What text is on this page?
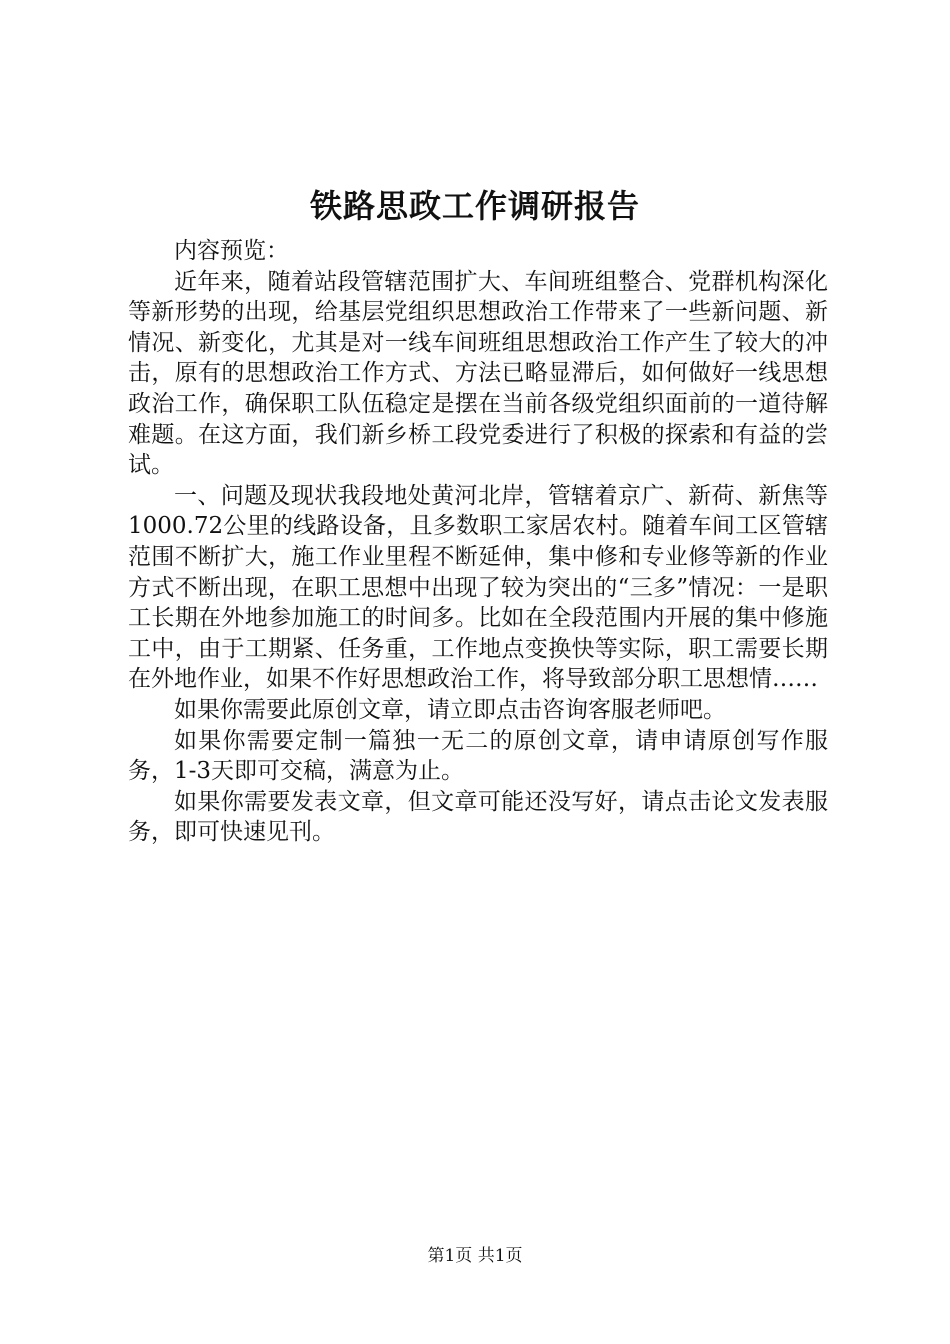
铁路思政工作调研报告

内容预览：

近年来，随着站段管辖范围扩大、车间班组整合、党群机构深化等新形势的出现，给基层党组织思想政治工作带来了一些新问题、新情况、新变化，尤其是对一线车间班组思想政治工作产生了较大的冲击，原有的思想政治工作方式、方法已略显滞后，如何做好一线思想政治工作，确保职工队伍稳定是摆在当前各级党组织面前的一道待解难题。在这方面，我们新乡桥工段党委进行了积极的探索和有益的尝试。

一、问题及现状我段地处黄河北岸，管辖着京广、新荷、新焦等1000.72公里的线路设备，且多数职工家居农村。随着车间工区管辖范围不断扩大，施工作业里程不断延伸，集中修和专业修等新的作业方式不断出现，在职工思想中出现了较为突出的“三多”情况：一是职工长期在外地参加施工的时间多。比如在全段范围内开展的集中修施工中，由于工期紧、任务重，工作地点变换快等实际，职工需要长期在外地作业，如果不作好思想政治工作，将导致部分职工思想情……

如果你需要此原创文章，请立即点击咨询客服老师吧。

如果你需要定制一篇独一无二的原创文章，请申请原创写作服务，1-3天即可交稿，满意为止。

如果你需要发表文章，但文章可能还没写好，请点击论文发表服务，即可快速见刊。

第1页 共1页
